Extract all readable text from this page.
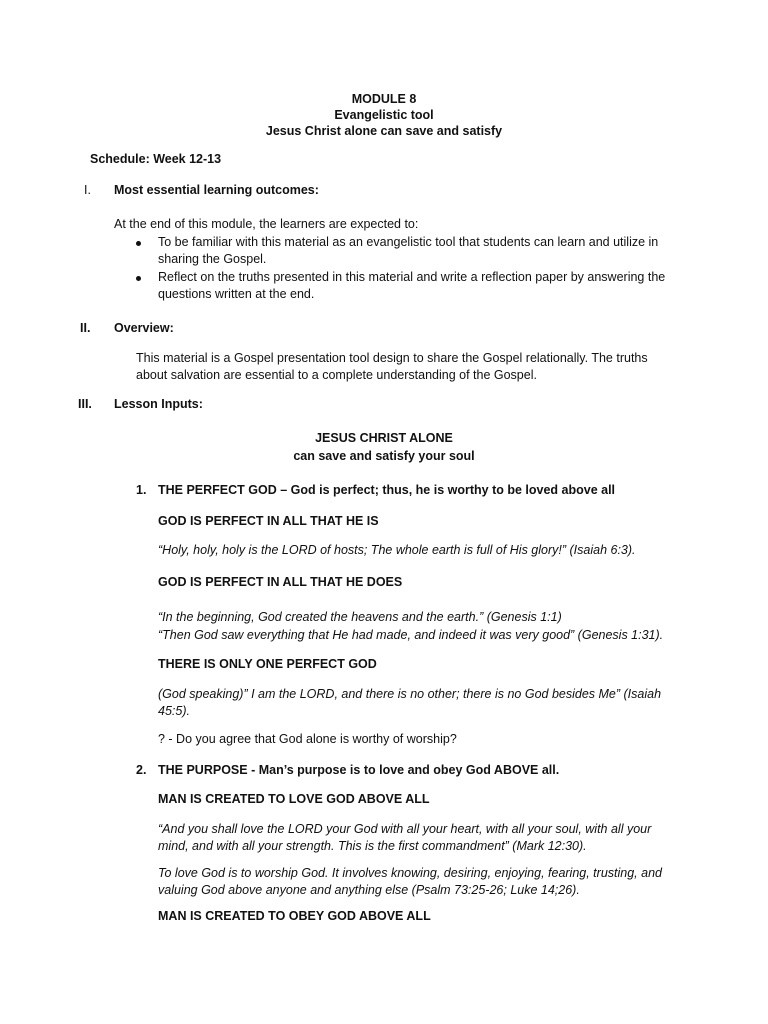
MODULE 8
Evangelistic tool
Jesus Christ alone can save and satisfy
Schedule: Week 12-13
I. Most essential learning outcomes:
At the end of this module, the learners are expected to:
To be familiar with this material as an evangelistic tool that students can learn and utilize in sharing the Gospel.
Reflect on the truths presented in this material and write a reflection paper by answering the questions written at the end.
II. Overview:
This material is a Gospel presentation tool design to share the Gospel relationally. The truths about salvation are essential to a complete understanding of the Gospel.
III. Lesson Inputs:
JESUS CHRIST ALONE
can save and satisfy your soul
1. THE PERFECT GOD – God is perfect; thus, he is worthy to be loved above all
GOD IS PERFECT IN ALL THAT HE IS
“Holy, holy, holy is the LORD of hosts; The whole earth is full of His glory!” (Isaiah 6:3).
GOD IS PERFECT IN ALL THAT HE DOES
“In the beginning, God created the heavens and the earth.” (Genesis 1:1)
“Then God saw everything that He had made, and indeed it was very good” (Genesis 1:31).
THERE IS ONLY ONE PERFECT GOD
(God speaking)” I am the LORD, and there is no other; there is no God besides Me” (Isaiah 45:5).
? - Do you agree that God alone is worthy of worship?
2. THE PURPOSE - Man’s purpose is to love and obey God ABOVE all.
MAN IS CREATED TO LOVE GOD ABOVE ALL
“And you shall love the LORD your God with all your heart, with all your soul, with all your mind, and with all your strength. This is the first commandment” (Mark 12:30).
To love God is to worship God. It involves knowing, desiring, enjoying, fearing, trusting, and valuing God above anyone and anything else (Psalm 73:25-26; Luke 14;26).
MAN IS CREATED TO OBEY GOD ABOVE ALL
